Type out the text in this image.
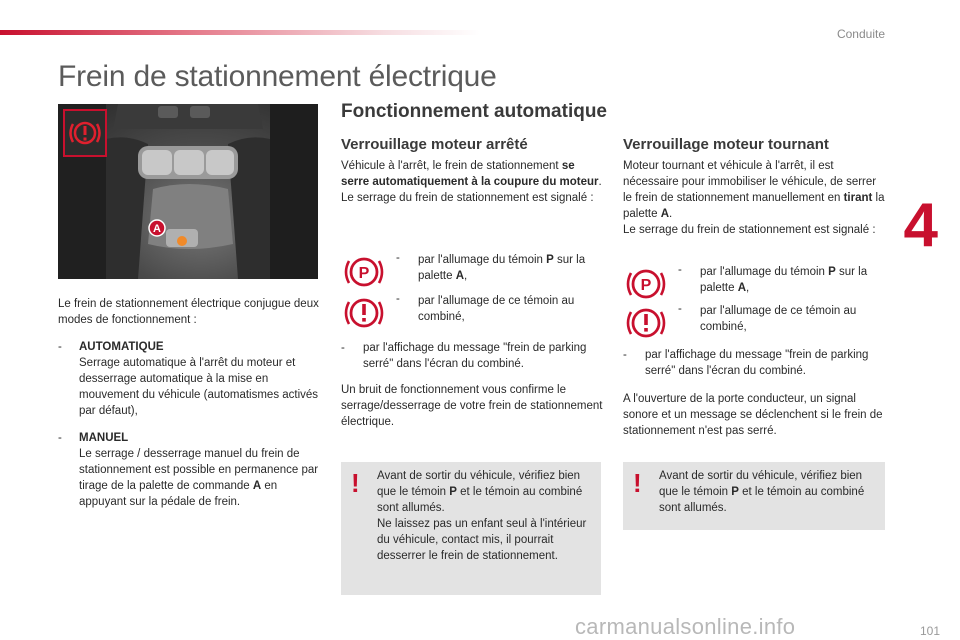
Conduite
4
101
carmanualsonline.info
Frein de stationnement électrique
A
Le frein de stationnement électrique conjugue deux modes de fonctionnement :
- AUTOMATIQUE
Serrage automatique à l'arrêt du moteur et desserrage automatique à la mise en mouvement du véhicule (automatismes activés par défaut),
- MANUEL
Le serrage / desserrage manuel du frein de stationnement est possible en permanence par tirage de la palette de commande A en appuyant sur la pédale de frein.
Fonctionnement automatique
Verrouillage moteur arrêté
Véhicule à l'arrêt, le frein de stationnement se serre automatiquement à la coupure du moteur.
Le serrage du frein de stationnement est signalé :
P
- par l'allumage du témoin P sur la palette A,
- par l'allumage de ce témoin au combiné,
- par l'affichage du message "frein de parking serré" dans l'écran du combiné.
Un bruit de fonctionnement vous confirme le serrage/desserrage de votre frein de stationnement électrique.
! Avant de sortir du véhicule, vérifiez bien que le témoin P et le témoin au combiné sont allumés.
Ne laissez pas un enfant seul à l'intérieur du véhicule, contact mis, il pourrait desserrer le frein de stationnement.
Verrouillage moteur tournant
Moteur tournant et véhicule à l'arrêt, il est nécessaire pour immobiliser le véhicule, de serrer le frein de stationnement manuellement en tirant la palette A.
Le serrage du frein de stationnement est signalé :
P
- par l'allumage du témoin P sur la palette A,
- par l'allumage de ce témoin au combiné,
- par l'affichage du message "frein de parking serré" dans l'écran du combiné.
A l'ouverture de la porte conducteur, un signal sonore et un message se déclenchent si le frein de stationnement n'est pas serré.
! Avant de sortir du véhicule, vérifiez bien que le témoin P et le témoin au combiné sont allumés.
